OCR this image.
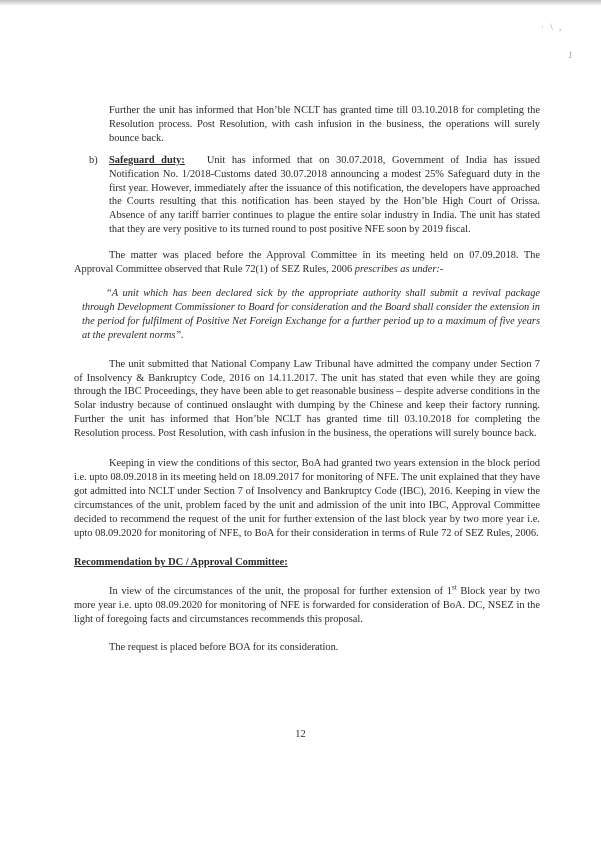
· \ ,
1

Further the unit has informed that Hon’ble NCLT has granted time till 03.10.2018 for completing the Resolution process. Post Resolution, with cash infusion in the business, the operations will surely bounce back.

b) Safeguard duty: Unit has informed that on 30.07.2018, Government of India has issued Notification No. 1/2018-Customs dated 30.07.2018 announcing a modest 25% Safeguard duty in the first year. However, immediately after the issuance of this notification, the developers have approached the Courts resulting that this notification has been stayed by the Hon’ble High Court of Orissa. Absence of any tariff barrier continues to plague the entire solar industry in India. The unit has stated that they are very positive to its turned round to post positive NFE soon by 2019 fiscal.

The matter was placed before the Approval Committee in its meeting held on 07.09.2018. The Approval Committee observed that Rule 72(1) of SEZ Rules, 2006 prescribes as under:-

“A unit which has been declared sick by the appropriate authority shall submit a revival package through Development Commissioner to Board for consideration and the Board shall consider the extension in the period for fulfilment of Positive Net Foreign Exchange for a further period up to a maximum of five years at the prevalent norms”.

The unit submitted that National Company Law Tribunal have admitted the company under Section 7 of Insolvency & Bankruptcy Code, 2016 on 14.11.2017. The unit has stated that even while they are going through the IBC Proceedings, they have been able to get reasonable business – despite adverse conditions in the Solar industry because of continued onslaught with dumping by the Chinese and keep their factory running. Further the unit has informed that Hon’ble NCLT has granted time till 03.10.2018 for completing the Resolution process. Post Resolution, with cash infusion in the business, the operations will surely bounce back.

Keeping in view the conditions of this sector, BoA had granted two years extension in the block period i.e. upto 08.09.2018 in its meeting held on 18.09.2017 for monitoring of NFE. The unit explained that they have got admitted into NCLT under Section 7 of Insolvency and Bankruptcy Code (IBC), 2016. Keeping in view the circumstances of the unit, problem faced by the unit and admission of the unit into IBC, Approval Committee decided to recommend the request of the unit for further extension of the last block year by two more year i.e. upto 08.09.2020 for monitoring of NFE, to BoA for their consideration in terms of Rule 72 of SEZ Rules, 2006.

Recommendation by DC / Approval Committee:

In view of the circumstances of the unit, the proposal for further extension of 1st Block year by two more year i.e. upto 08.09.2020 for monitoring of NFE is forwarded for consideration of BoA. DC, NSEZ in the light of foregoing facts and circumstances recommends this proposal.

The request is placed before BOA for its consideration.

12
